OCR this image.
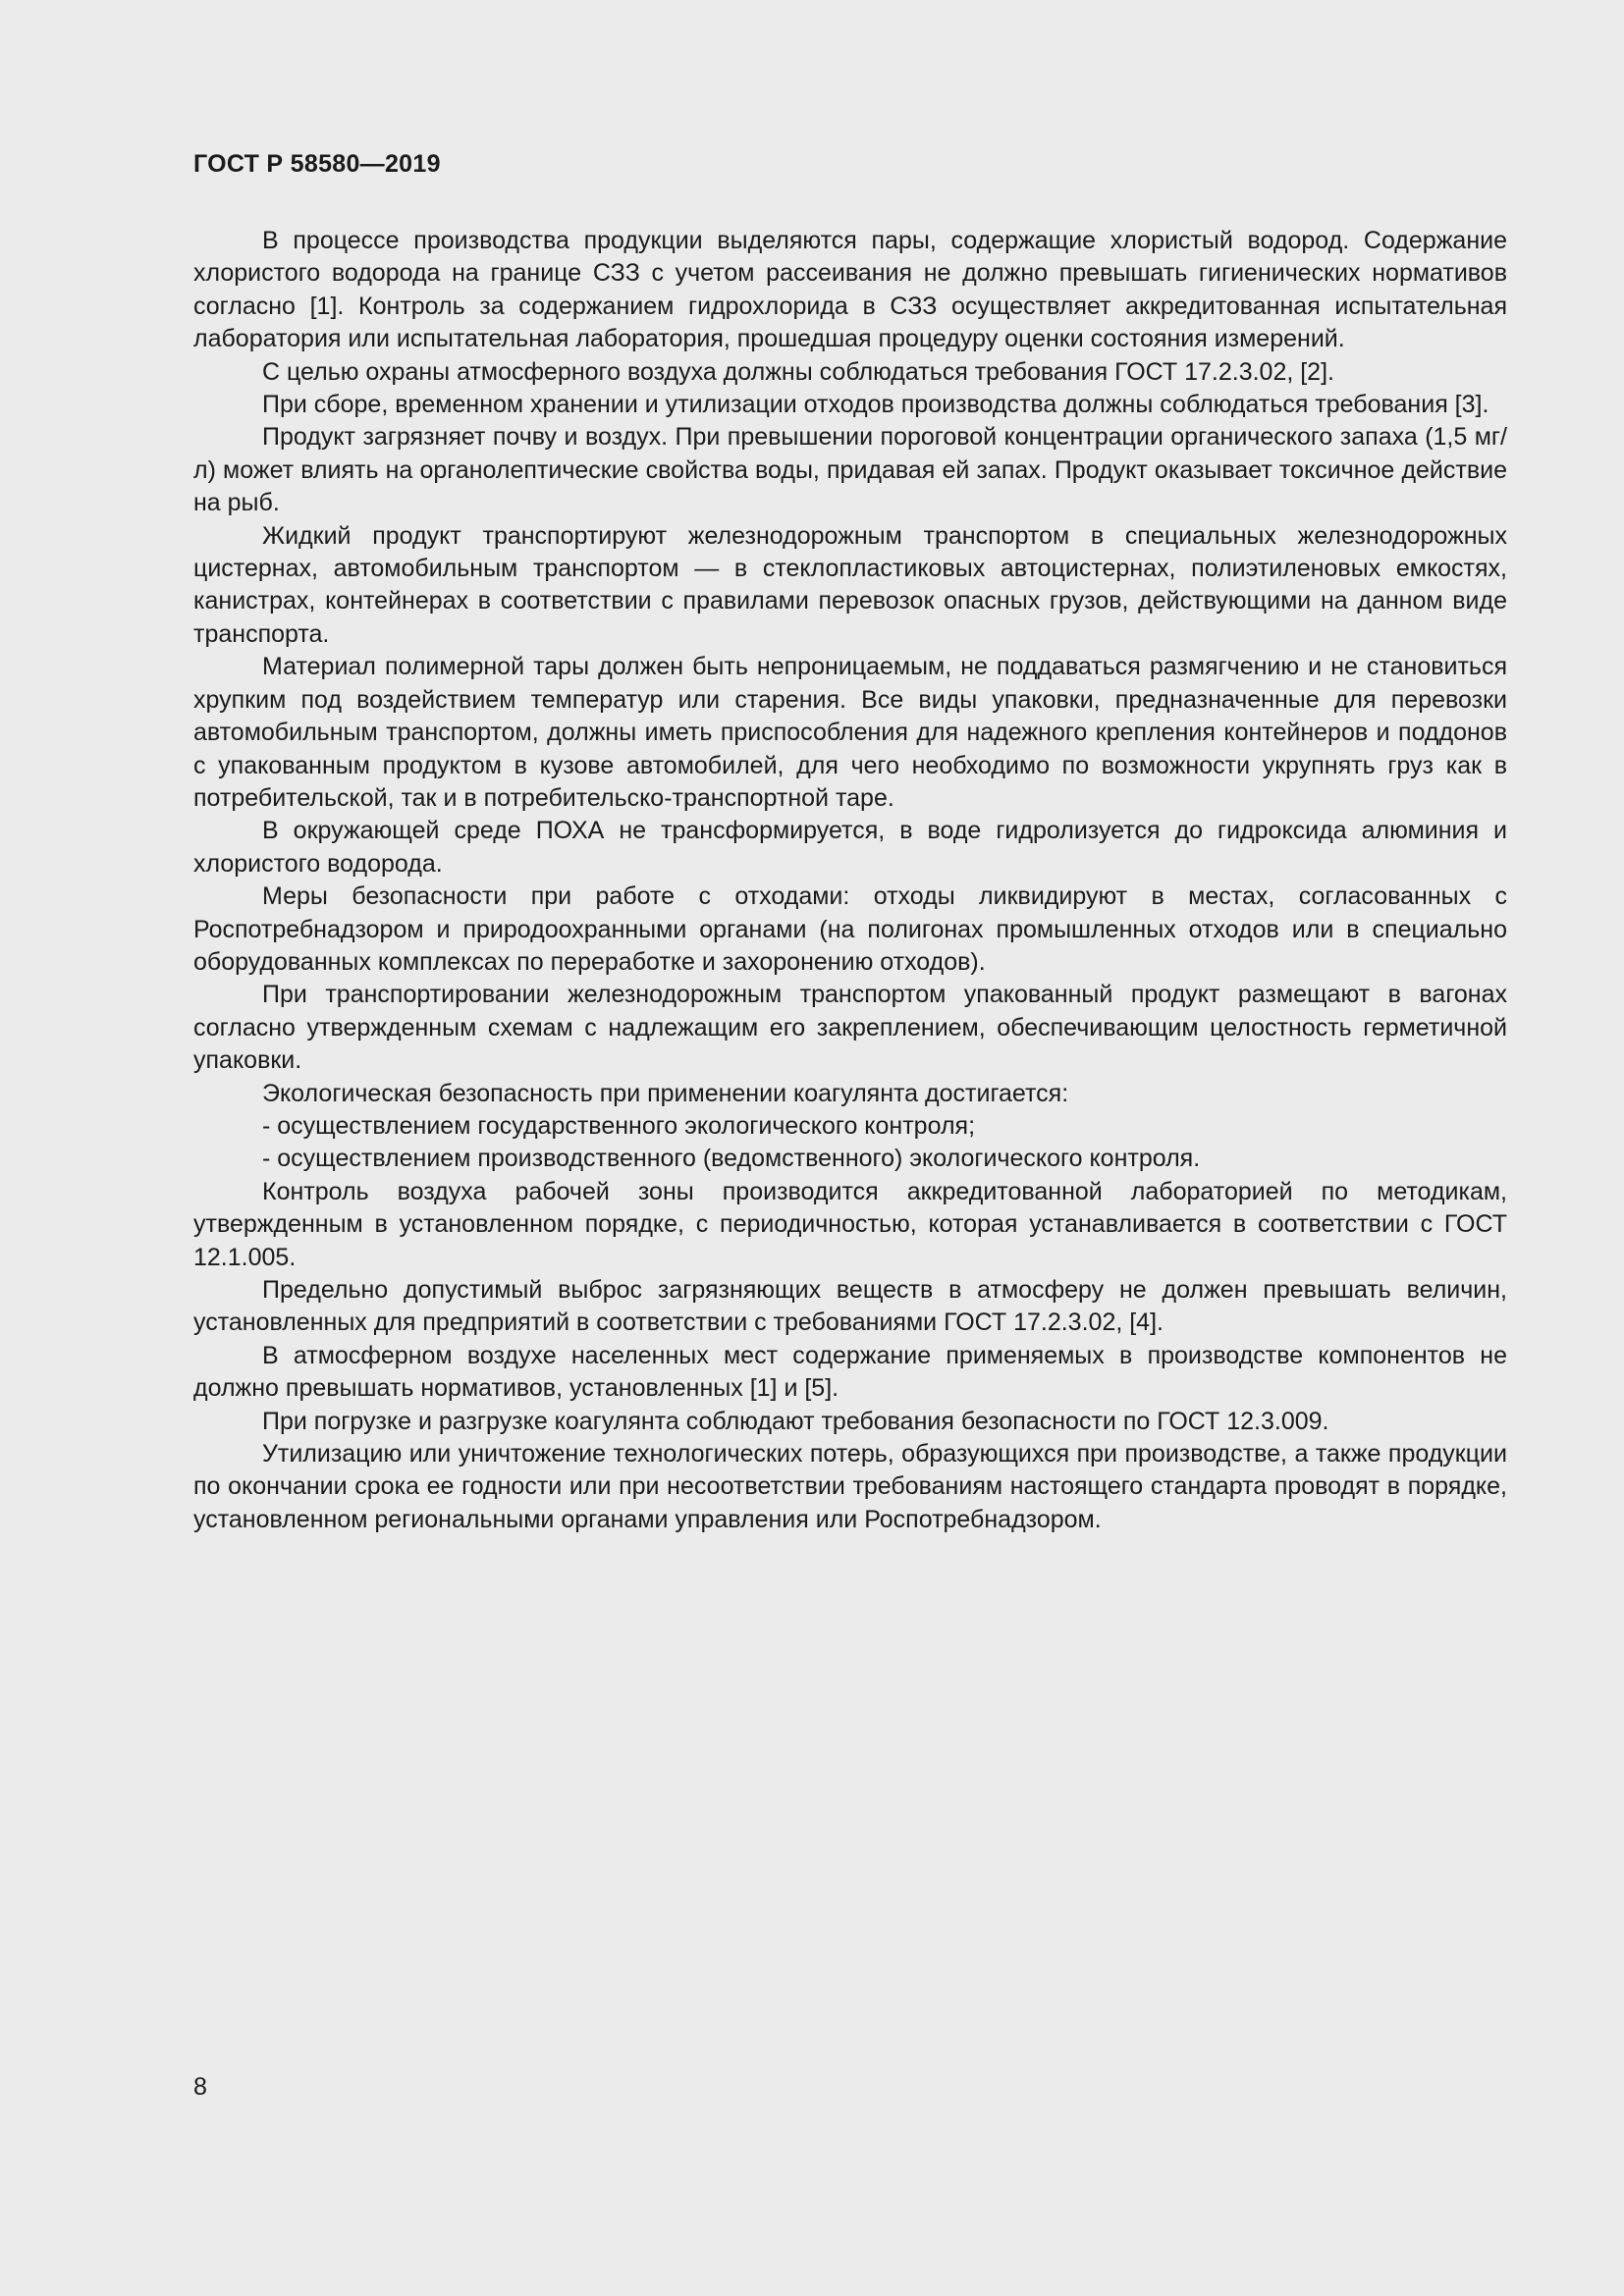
ГОСТ Р 58580—2019

В процессе производства продукции выделяются пары, содержащие хлористый водород. Содержание хлористого водорода на границе СЗЗ с учетом рассеивания не должно превышать гигиенических нормативов согласно [1]. Контроль за содержанием гидрохлорида в СЗЗ осуществляет аккредитованная испытательная лаборатория или испытательная лаборатория, прошедшая процедуру оценки состояния измерений.

С целью охраны атмосферного воздуха должны соблюдаться требования ГОСТ 17.2.3.02, [2].

При сборе, временном хранении и утилизации отходов производства должны соблюдаться требования [3].

Продукт загрязняет почву и воздух. При превышении пороговой концентрации органического запаха (1,5 мг/л) может влиять на органолептические свойства воды, придавая ей запах. Продукт оказывает токсичное действие на рыб.

Жидкий продукт транспортируют железнодорожным транспортом в специальных железнодорожных цистернах, автомобильным транспортом — в стеклопластиковых автоцистернах, полиэтиленовых емкостях, канистрах, контейнерах в соответствии с правилами перевозок опасных грузов, действующими на данном виде транспорта.

Материал полимерной тары должен быть непроницаемым, не поддаваться размягчению и не становиться хрупким под воздействием температур или старения. Все виды упаковки, предназначенные для перевозки автомобильным транспортом, должны иметь приспособления для надежного крепления контейнеров и поддонов с упакованным продуктом в кузове автомобилей, для чего необходимо по возможности укрупнять груз как в потребительской, так и в потребительско-транспортной таре.

В окружающей среде ПОХА не трансформируется, в воде гидролизуется до гидроксида алюминия и хлористого водорода.

Меры безопасности при работе с отходами: отходы ликвидируют в местах, согласованных с Роспотребнадзором и природоохранными органами (на полигонах промышленных отходов или в специально оборудованных комплексах по переработке и захоронению отходов).

При транспортировании железнодорожным транспортом упакованный продукт размещают в вагонах согласно утвержденным схемам с надлежащим его закреплением, обеспечивающим целостность герметичной упаковки.

Экологическая безопасность при применении коагулянта достигается:

- осуществлением государственного экологического контроля;

- осуществлением производственного (ведомственного) экологического контроля.

Контроль воздуха рабочей зоны производится аккредитованной лабораторией по методикам, утвержденным в установленном порядке, с периодичностью, которая устанавливается в соответствии с ГОСТ 12.1.005.

Предельно допустимый выброс загрязняющих веществ в атмосферу не должен превышать величин, установленных для предприятий в соответствии с требованиями ГОСТ 17.2.3.02, [4].

В атмосферном воздухе населенных мест содержание применяемых в производстве компонентов не должно превышать нормативов, установленных [1] и [5].

При погрузке и разгрузке коагулянта соблюдают требования безопасности по ГОСТ 12.3.009.

Утилизацию или уничтожение технологических потерь, образующихся при производстве, а также продукции по окончании срока ее годности или при несоответствии требованиям настоящего стандарта проводят в порядке, установленном региональными органами управления или Роспотребнадзором.

8
